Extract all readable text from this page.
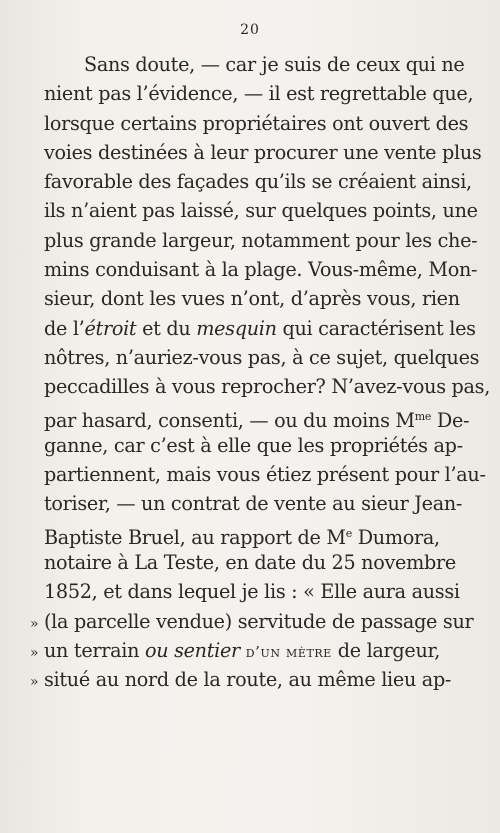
20
Sans doute, — car je suis de ceux qui ne
nient pas l’évidence, — il est regrettable que,
lorsque certains propriétaires ont ouvert des
voies destinées à leur procurer une vente plus
favorable des façades qu’ils se créaient ainsi,
ils n’aient pas laissé, sur quelques points, une
plus grande largeur, notamment pour les che-
mins conduisant à la plage. Vous-même, Mon-
sieur, dont les vues n’ont, d’après vous, rien
de l’étroit et du mesquin qui caractérisent les
nôtres, n’auriez-vous pas, à ce sujet, quelques
peccadilles à vous reprocher? N’avez-vous pas,
par hasard, consenti, — ou du moins $M^{me}$ De-
ganne, car c’est à elle que les propriétés ap-
partiennent, mais vous étiez présent pour l’au-
toriser, — un contrat de vente au sieur Jean-
Baptiste Bruel, au rapport de Me Dumora,
notaire à La Teste, en date du 25 novembre
1852, et dans lequel je lis : « Elle aura aussi
» (la parcelle vendue) servitude de passage sur
» un terrain ou sentier d’un mètre de largeur,
» situé au nord de la route, au même lieu ap-
